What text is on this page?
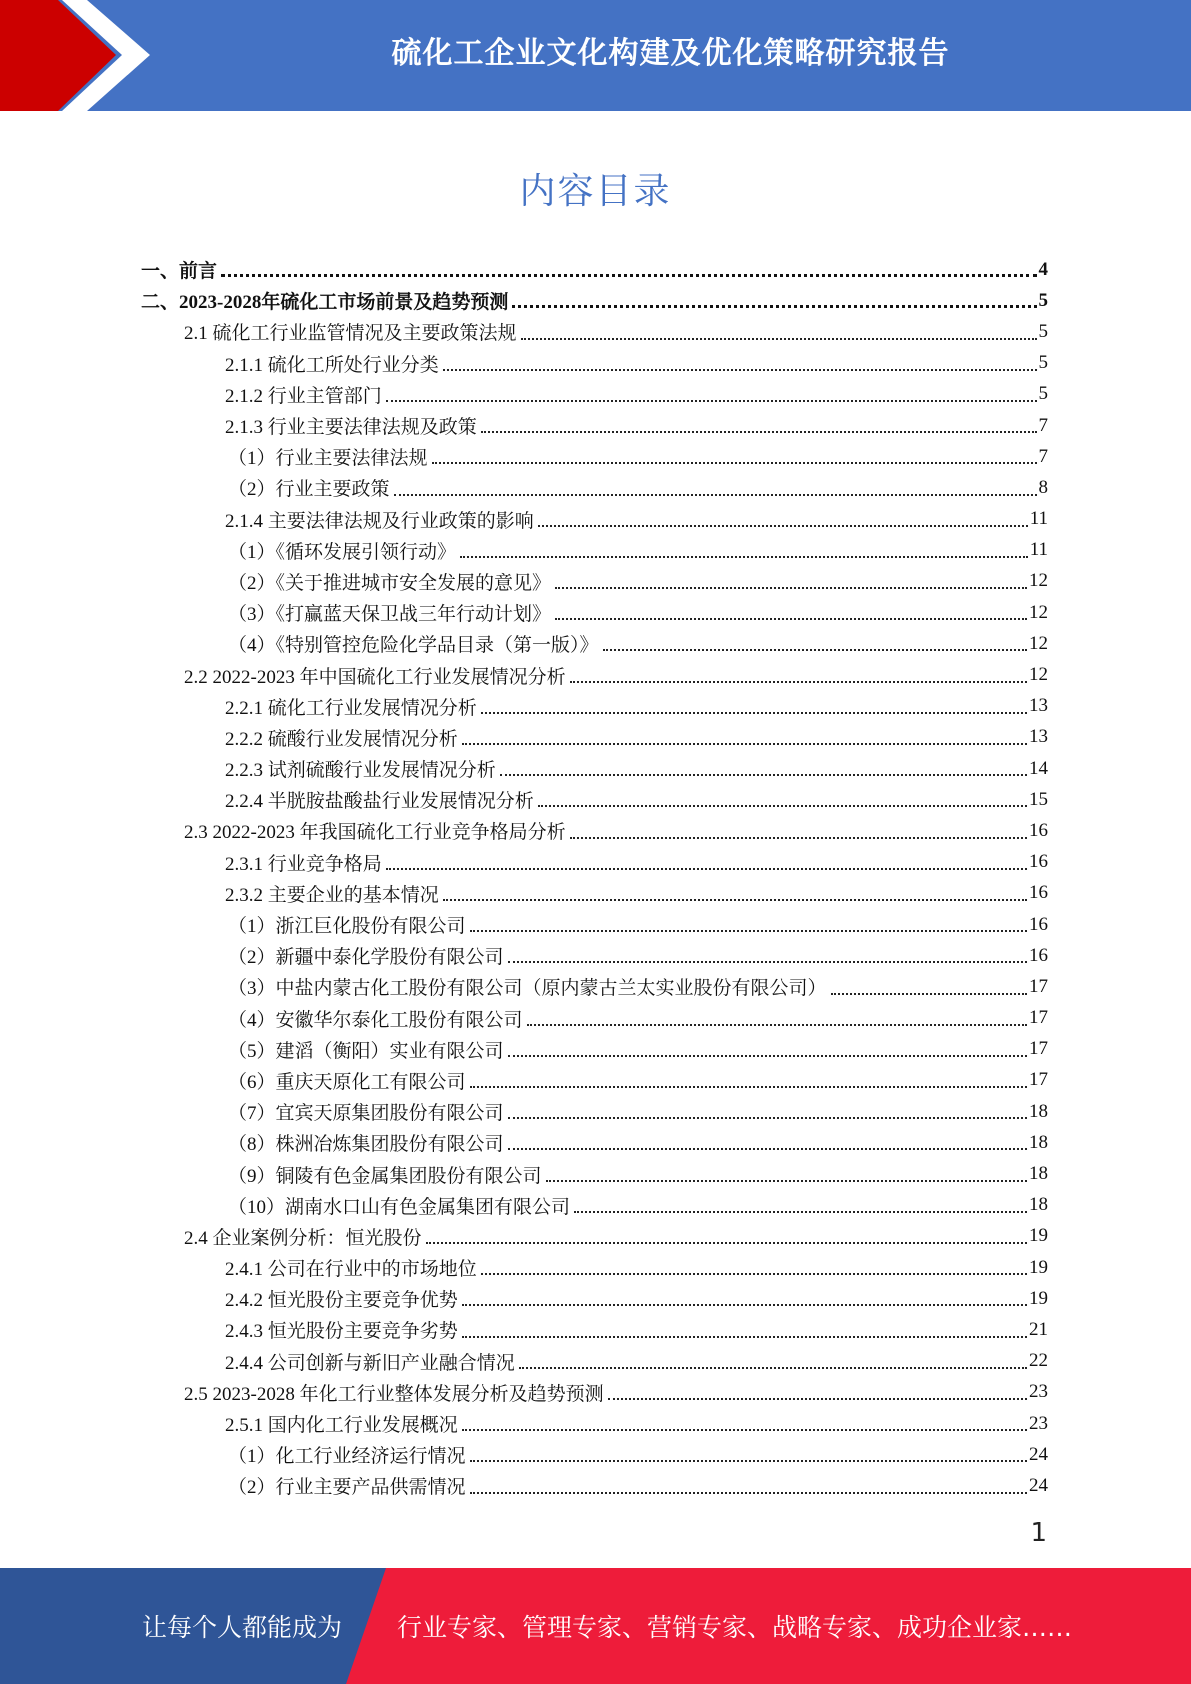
硫化工企业文化构建及优化策略研究报告
内容目录
一、前言	4
二、2023-2028年硫化工市场前景及趋势预测	5
2.1 硫化工行业监管情况及主要政策法规	5
2.1.1 硫化工所处行业分类	5
2.1.2 行业主管部门	5
2.1.3 行业主要法律法规及政策	7
（1）行业主要法律法规	7
（2）行业主要政策	8
2.1.4 主要法律法规及行业政策的影响	11
（1）《循环发展引领行动》	11
（2）《关于推进城市安全发展的意见》	12
（3）《打赢蓝天保卫战三年行动计划》	12
（4）《特别管控危险化学品目录（第一版）》	12
2.2 2022-2023 年中国硫化工行业发展情况分析	12
2.2.1 硫化工行业发展情况分析	13
2.2.2 硫酸行业发展情况分析	13
2.2.3 试剂硫酸行业发展情况分析	14
2.2.4 半胱胺盐酸盐行业发展情况分析	15
2.3 2022-2023 年我国硫化工行业竞争格局分析	16
2.3.1 行业竞争格局	16
2.3.2 主要企业的基本情况	16
（1）浙江巨化股份有限公司	16
（2）新疆中泰化学股份有限公司	16
（3）中盐内蒙古化工股份有限公司（原内蒙古兰太实业股份有限公司）	17
（4）安徽华尔泰化工股份有限公司	17
（5）建滔（衡阳）实业有限公司	17
（6）重庆天原化工有限公司	17
（7）宜宾天原集团股份有限公司	18
（8）株洲冶炼集团股份有限公司	18
（9）铜陵有色金属集团股份有限公司	18
（10）湖南水口山有色金属集团有限公司	18
2.4 企业案例分析：恒光股份	19
2.4.1 公司在行业中的市场地位	19
2.4.2 恒光股份主要竞争优势	19
2.4.3 恒光股份主要竞争劣势	21
2.4.4 公司创新与新旧产业融合情况	22
2.5 2023-2028 年化工行业整体发展分析及趋势预测	23
2.5.1 国内化工行业发展概况	23
（1）化工行业经济运行情况	24
（2）行业主要产品供需情况	24
1
让每个人都能成为 行业专家、管理专家、营销专家、战略专家、成功企业家……
